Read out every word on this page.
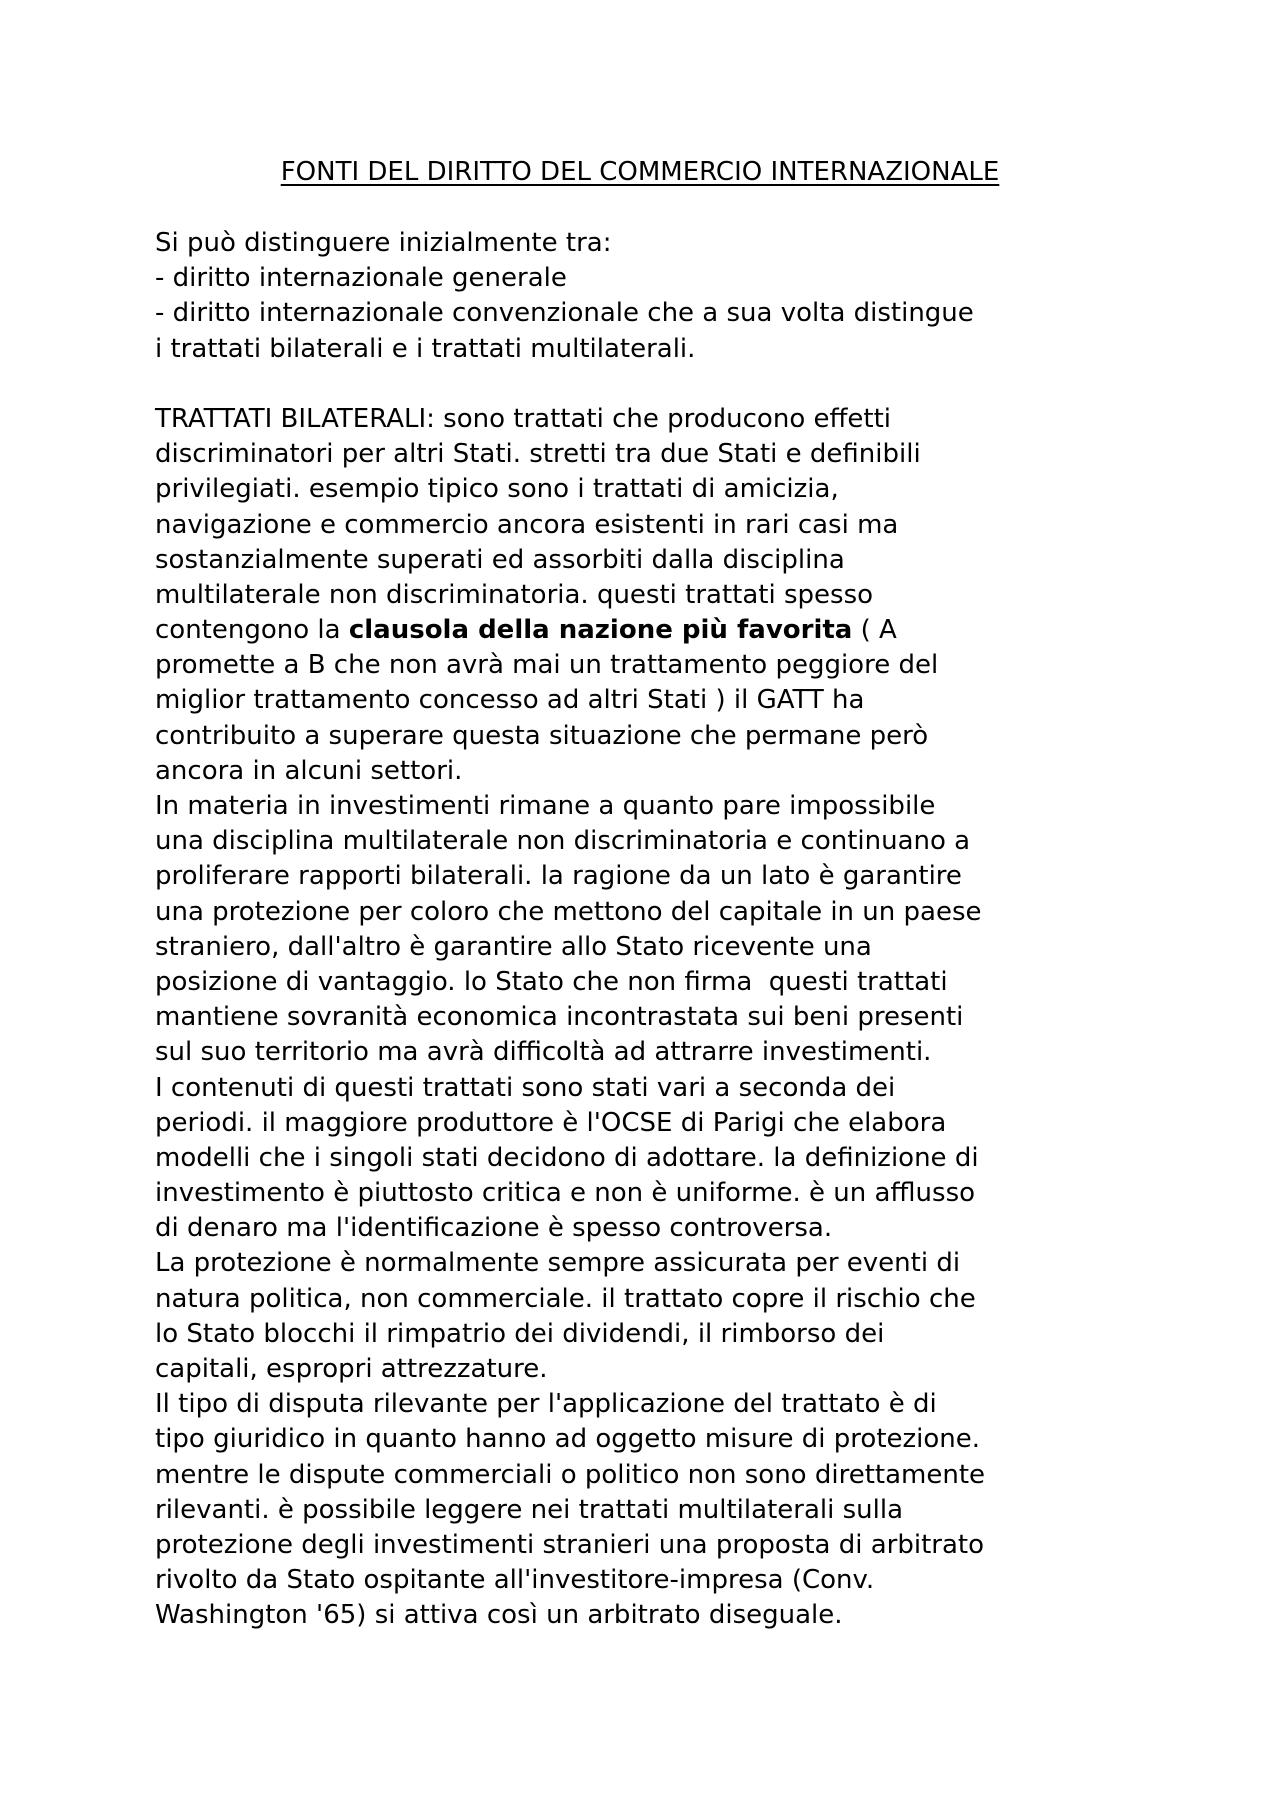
FONTI DEL DIRITTO DEL COMMERCIO INTERNAZIONALE
Si può distinguere inizialmente tra:
- diritto internazionale generale
- diritto internazionale convenzionale che a sua volta distingue
i trattati bilaterali e i trattati multilaterali.
TRATTATI BILATERALI: sono trattati che producono effetti
discriminatori per altri Stati. stretti tra due Stati e definibili
privilegiati. esempio tipico sono i trattati di amicizia,
navigazione e commercio ancora esistenti in rari casi ma
sostanzialmente superati ed assorbiti dalla disciplina
multilaterale non discriminatoria. questi trattati spesso
contengono la clausola della nazione più favorita ( A
promette a B che non avrà mai un trattamento peggiore del
miglior trattamento concesso ad altri Stati ) il GATT ha
contribuito a superare questa situazione che permane però
ancora in alcuni settori.
In materia in investimenti rimane a quanto pare impossibile
una disciplina multilaterale non discriminatoria e continuano a
proliferare rapporti bilaterali. la ragione da un lato è garantire
una protezione per coloro che mettono del capitale in un paese
straniero, dall'altro è garantire allo Stato ricevente una
posizione di vantaggio. lo Stato che non firma  questi trattati
mantiene sovranità economica incontrastata sui beni presenti
sul suo territorio ma avrà difficoltà ad attrarre investimenti.
I contenuti di questi trattati sono stati vari a seconda dei
periodi. il maggiore produttore è l'OCSE di Parigi che elabora
modelli che i singoli stati decidono di adottare. la definizione di
investimento è piuttosto critica e non è uniforme. è un afflusso
di denaro ma l'identificazione è spesso controversa.
La protezione è normalmente sempre assicurata per eventi di
natura politica, non commerciale. il trattato copre il rischio che
lo Stato blocchi il rimpatrio dei dividendi, il rimborso dei
capitali, espropri attrezzature.
Il tipo di disputa rilevante per l'applicazione del trattato è di
tipo giuridico in quanto hanno ad oggetto misure di protezione.
mentre le dispute commerciali o politico non sono direttamente
rilevanti. è possibile leggere nei trattati multilaterali sulla
protezione degli investimenti stranieri una proposta di arbitrato
rivolto da Stato ospitante all'investitore-impresa (Conv.
Washington '65) si attiva così un arbitrato diseguale.
